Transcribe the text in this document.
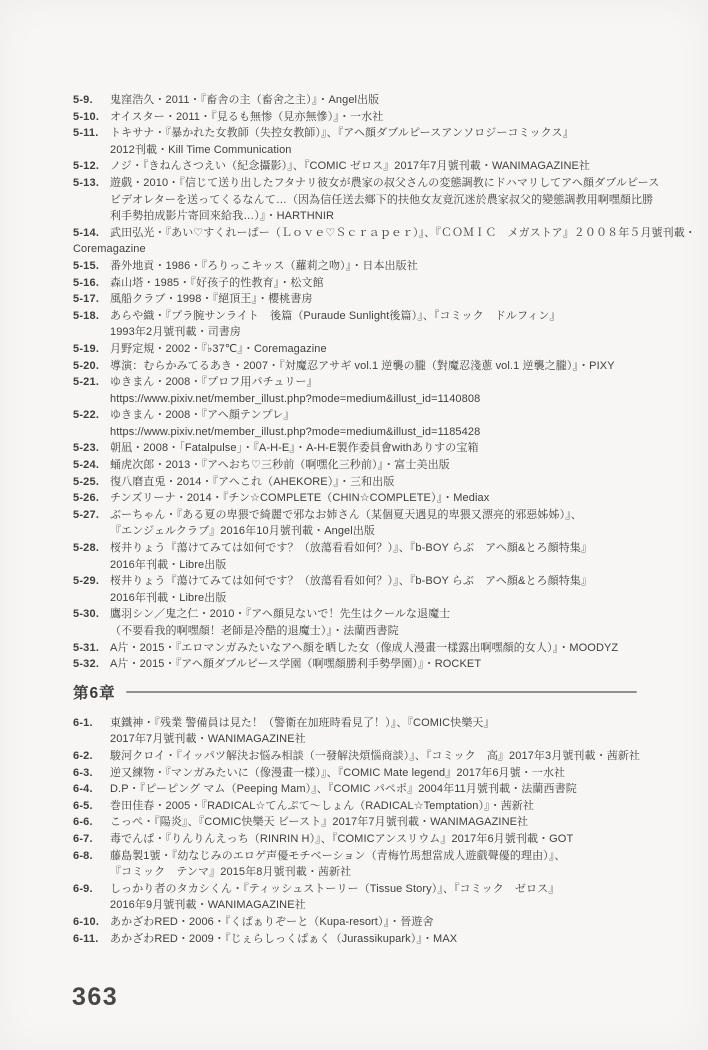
5-9. 鬼窪浩久・2011・『畜舎の主（畜舍之主）』・Angel出版
5-10. オイスター・2011・『見るも無惨（見亦無慘）』・一水社
5-11. トキサナ・『暴かれた女教師（失控女教師）』、『アヘ顔ダブルピースアンソロジーコミックス』
2012刊載・Kill Time Communication
5-12. ノジ・『きねんさつえい（紀念攝影）』、『COMIC ゼロス』2017年7月號刊載・WANIMAGAZINE社
5-13. 遊戲・2010・『信じて送り出したフタナリ彼女が農家の叔父さんの変態調教にドハマリしてアヘ顔ダブルピース
ビデオレターを送ってくるなんて…（因為信任送去鄉下的扶他女友竟沉迷於農家叔父的變態調教用啊嘿顏比勝
利手勢拍成影片寄回來給我…）』・HARTHNIR
5-14. 武田弘光・『あい♡すくれーぱー（Ｌｏｖｅ♡Ｓｃｒａｐｅｒ）』、『ＣＯＭＩＣ　メガストア』２００８年５月號刊載・
Coremagazine
5-15. 番外地貢・1986・『ろりっこキッス（蘿莉之吻）』・日本出版社
5-16. 森山塔・1985・『好孩子的性教育』・松文館
5-17. 風船クラブ・1998・『絕頂王』・櫻桃書房
5-18. あらや織・『プラ腕サンライト　後篇（Puraude Sunlight後篇）』、『コミック　ドルフィン』
1993年2月號刊載・司書房
5-19. 月野定規・2002・『♭37℃』・Coremagazine
5-20. 導演：むらかみてるあき・2007・『対魔忍アサギ vol.1 逆襲の朧（對魔忍淺蔥 vol.1 逆襲之朧）』・PIXY
5-21. ゆきまん・2008・『プロフ用パチュリー』
https://www.pixiv.net/member_illust.php?mode=medium&illust_id=1140808
5-22. ゆきまん・2008・『アヘ顔テンプレ』
https://www.pixiv.net/member_illust.php?mode=medium&illust_id=1185428
5-23. 朝凪・2008・「Fatalpulse」・『A-H-E』・A-H-E製作委員會withありすの宝箱
5-24. 蛹虎次郎・2013・『アヘおち♡三秒前（啊嘿化三秒前）』・富士美出版
5-25. 復八磨直兎・2014・『アヘこれ（AHEKORE）』・三和出版
5-26. チンズリーナ・2014・『チン☆COMPLETE（CHIN☆COMPLETE）』・Mediax
5-27. ぶーちゃん・『ある夏の卑猥で綺麗で邪なお姉さん（某個夏天遇見的卑猥又漂亮的邪惡姊姊）』、
『エンジェルクラブ』2016年10月號刊載・Angel出版
5-28. 桜井りょう『蕩けてみては如何です？（放蕩看看如何？）』、『b-BOY らぶ　アヘ顔&とろ顔特集』
2016年刊載・Libre出版
5-29. 桜井りょう『蕩けてみては如何です？（放蕩看看如何？）』、『b-BOY らぶ　アヘ顔&とろ顔特集』
2016年刊載・Libre出版
5-30. 鷹羽シン／鬼之仁・2010・『アヘ顔見ないで！先生はクールな退魔士
（不要看我的啊嘿顏！老師是冷酷的退魔士）』・法蘭西書院
5-31. A片・2015・『エロマンガみたいなアヘ顔を晒した女（像成人漫畫一樣露出啊嘿顏的女人）』・MOODYZ
5-32. A片・2015・『アヘ顔ダブルピース学園（啊嘿顏勝利手勢學園）』・ROCKET
第6章
6-1. 東鐵神・『残業 警備員は見た！（警衛在加班時看見了！）』、『COMIC快樂天』
2017年7月號刊載・WANIMAGAZINE社
6-2. 駿河クロイ・『イッパツ解決お悩み相談（一發解決煩惱商談）』、『コミック　高』2017年3月號刊載・茜新社
6-3. 逆又練物・『マンガみたいに（像漫畫一樣）』、『COMIC Mate legend』2017年6月號・一水社
6-4. D.P・『ピーピング マム（Peeping Mam）』、『COMIC パペポ』2004年11月號刊載・法蘭西書院
6-5. 巻田佳春・2005・『RADICAL☆てんぷて～しょん（RADICAL☆Temptation）』・茜新社
6-6. こっぺ・『陽炎』、『COMIC快樂天 ビースト』2017年7月號刊載・WANIMAGAZINE社
6-7. 毒でんぱ・『りんりんえっち（RINRIN H）』、『COMICアンスリウム』2017年6月號刊載・GOT
6-8. 藤島製1號・『幼なじみのエロゲ声優モチベーション（青梅竹馬想當成人遊戲聲優的理由）』、
『コミック　テンマ』2015年8月號刊載・茜新社
6-9. しっかり者のタカシくん・『ティッシュストーリー（Tissue Story）』、『コミック　ゼロス』
2016年9月號刊載・WANIMAGAZINE社
6-10. あかざわRED・2006・『くぱぁりぞーと（Kupa-resort）』・晉遊舍
6-11. あかざわRED・2009・『じぇらしっくぱぁく（Jurassikupark）』・MAX
363
